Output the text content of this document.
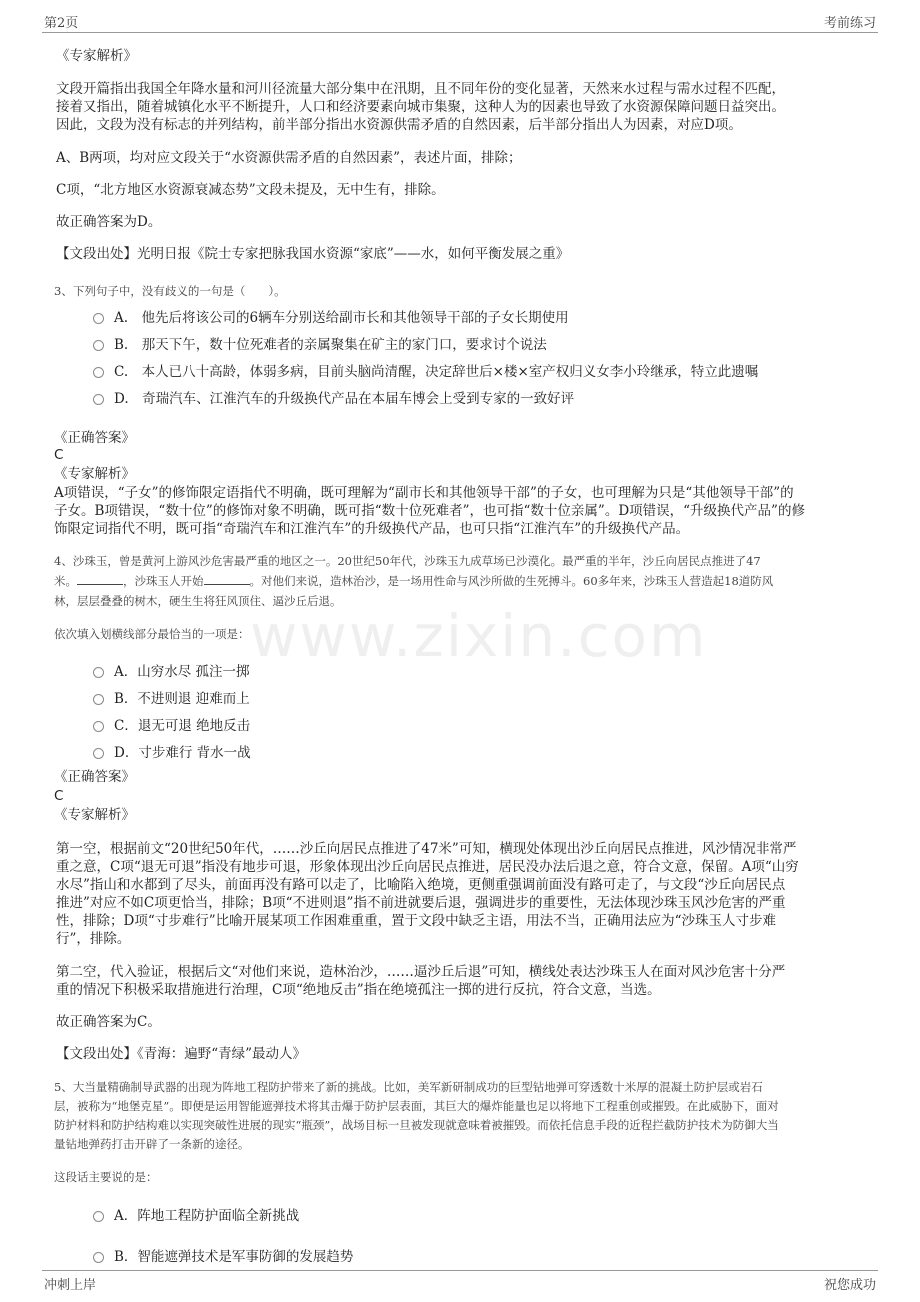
第2页	考前练习
www.zixin.com
《专家解析》
文段开篇指出我国全年降水量和河川径流量大部分集中在汛期，且不同年份的变化显著，天然来水过程与需水过程不匹配，
接着又指出，随着城镇化水平不断提升，人口和经济要素向城市集聚，这种人为的因素也导致了水资源保障问题日益突出。
因此，文段为没有标志的并列结构，前半部分指出水资源供需矛盾的自然因素，后半部分指出人为因素，对应D项。
A、B两项，均对应文段关于“水资源供需矛盾的自然因素”，表述片面，排除；
C项，“北方地区水资源衰减态势”文段未提及，无中生有，排除。
故正确答案为D。
【文段出处】光明日报《院士专家把脉我国水资源“家底”——水，如何平衡发展之重》
3、下列句子中，没有歧义的一句是（　　）。
A.　他先后将该公司的6辆车分别送给副市长和其他领导干部的子女长期使用
B.　那天下午，数十位死难者的亲属聚集在矿主的家门口，要求讨个说法
C.　本人已八十高龄，体弱多病，目前头脑尚清醒，决定辞世后×楼×室产权归义女李小玲继承，特立此遗嘱
D.　奇瑞汽车、江淮汽车的升级换代产品在本届车博会上受到专家的一致好评
《正确答案》
C
《专家解析》
A项错误，“子女”的修饰限定语指代不明确，既可理解为“副市长和其他领导干部”的子女，也可理解为只是“其他领导干部”的
子女。B项错误，“数十位”的修饰对象不明确，既可指“数十位死难者”，也可指“数十位亲属”。D项错误，“升级换代产品”的修
饰限定词指代不明，既可指“奇瑞汽车和江淮汽车”的升级换代产品，也可只指“江淮汽车”的升级换代产品。
4、沙珠玉，曾是黄河上游风沙危害最严重的地区之一。20世纪50年代，沙珠玉九成草场已沙漠化。最严重的半年，沙丘向居民点推进了47
米。	，沙珠玉人开始	。对他们来说，造林治沙，是一场用性命与风沙所做的生死搏斗。60多年来，沙珠玉人营造起18道防风
林，层层叠叠的树木，硬生生将狂风顶住、逼沙丘后退。
依次填入划横线部分最恰当的一项是：
A．山穷水尽 孤注一掷
B．不进则退 迎难而上
C．退无可退 绝地反击
D．寸步难行 背水一战
《正确答案》
C
《专家解析》
第一空，根据前文“20世纪50年代，……沙丘向居民点推进了47米”可知，横现处体现出沙丘向居民点推进，风沙情况非常严
重之意，C项“退无可退”指没有地步可退，形象体现出沙丘向居民点推进，居民没办法后退之意，符合文意，保留。A项“山穷
水尽”指山和水都到了尽头，前面再没有路可以走了，比喻陷入绝境，更侧重强调前面没有路可走了，与文段“沙丘向居民点
推进”对应不如C项更恰当，排除；B项“不进则退”指不前进就要后退，强调进步的重要性，无法体现沙珠玉风沙危害的严重
性，排除；D项“寸步难行”比喻开展某项工作困难重重，置于文段中缺乏主语，用法不当，正确用法应为“沙珠玉人寸步难
行”，排除。
第二空，代入验证，根据后文“对他们来说，造林治沙，……逼沙丘后退”可知，横线处表达沙珠玉人在面对风沙危害十分严
重的情况下积极采取措施进行治理，C项“绝地反击”指在绝境孤注一掷的进行反抗，符合文意，当选。
故正确答案为C。
【文段出处】《青海：遍野“青绿”最动人》
5、大当量精确制导武器的出现为阵地工程防护带来了新的挑战。比如，美军新研制成功的巨型钻地弹可穿透数十米厚的混凝土防护层或岩石
层，被称为“地堡克星”。即便是运用智能遮弹技术将其击爆于防护层表面，其巨大的爆炸能量也足以将地下工程重创或摧毁。在此威胁下，面对
防护材料和防护结构难以实现突破性进展的现实“瓶颈”，战场目标一旦被发现就意味着被摧毁。而依托信息手段的近程拦截防护技术为防御大当
量钻地弹药打击开辟了一条新的途径。
这段话主要说的是：
A．阵地工程防护面临全新挑战
B．智能遮弹技术是军事防御的发展趋势
冲刺上岸	祝您成功
